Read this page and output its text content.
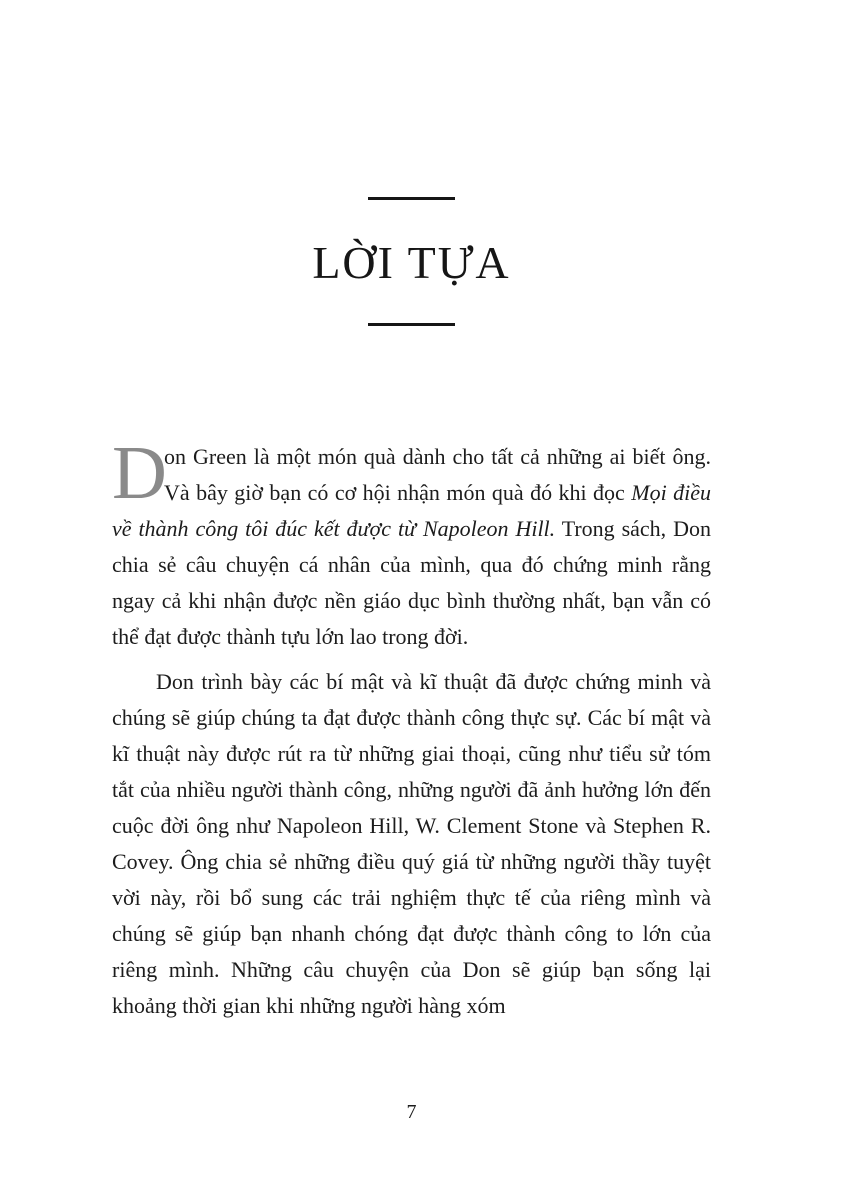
LỜI TỰA

D
on Green là một món quà dành cho tất cả những ai biết ông. Và bây giờ bạn có cơ hội nhận món quà đó khi đọc Mọi điều về thành công tôi đúc kết được từ Napoleon Hill. Trong sách, Don chia sẻ câu chuyện cá nhân của mình, qua đó chứng minh rằng ngay cả khi nhận được nền giáo dục bình thường nhất, bạn vẫn có thể đạt được thành tựu lớn lao trong đời.

Don trình bày các bí mật và kĩ thuật đã được chứng minh và chúng sẽ giúp chúng ta đạt được thành công thực sự. Các bí mật và kĩ thuật này được rút ra từ những giai thoại, cũng như tiểu sử tóm tắt của nhiều người thành công, những người đã ảnh hưởng lớn đến cuộc đời ông như Napoleon Hill, W. Clement Stone và Stephen R. Covey. Ông chia sẻ những điều quý giá từ những người thầy tuyệt vời này, rồi bổ sung các trải nghiệm thực tế của riêng mình và chúng sẽ giúp bạn nhanh chóng đạt được thành công to lớn của riêng mình. Những câu chuyện của Don sẽ giúp bạn sống lại khoảng thời gian khi những người hàng xóm

7
